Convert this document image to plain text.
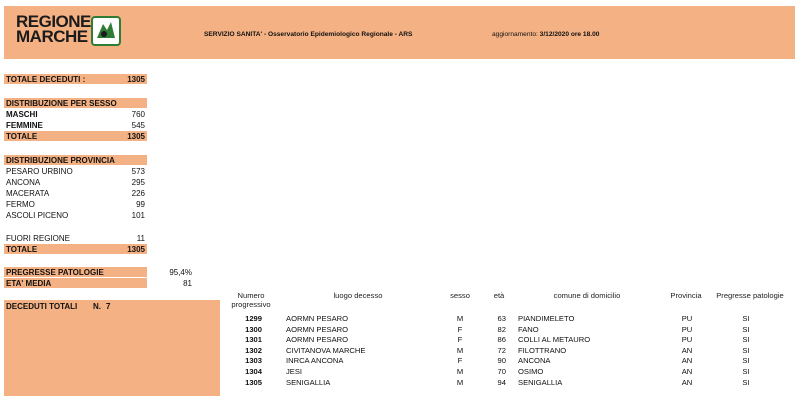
REGIONE
MARCHE	SERVIZIO SANITA' - Osservatorio Epidemiologico Regionale - ARS	aggiornamento: 3/12/2020 ore 18.00
TOTALE DECEDUTI :	1305
DISTRIBUZIONE PER SESSO
MASCHI	760
FEMMINE	545
TOTALE	1305
DISTRIBUZIONE PROVINCIA
PESARO URBINO	573
ANCONA	295
MACERATA	226
FERMO	99
ASCOLI PICENO	101
FUORI REGIONE	11
TOTALE	1305
PREGRESSE PATOLOGIE	95,4%
ETA' MEDIA	81
DECEDUTI TOTALI N. 7
Numero
progressivo
luogo decesso	sesso	età	comune di domicilio	Provincia	Pregresse patologie
1299	AORMN PESARO	M	63 PIANDIMELETO	PU	SI
1300	AORMN PESARO	F	82 FANO	PU	SI
1301	AORMN PESARO	F	86 COLLI AL METAURO	PU	SI
1302	CIVITANOVA MARCHE	M	72 FILOTTRANO	AN	SI
1303	INRCA ANCONA	F	90 ANCONA	AN	SI
1304	JESI	M	70 OSIMO	AN	SI
1305	SENIGALLIA	M	94 SENIGALLIA	AN	SI
